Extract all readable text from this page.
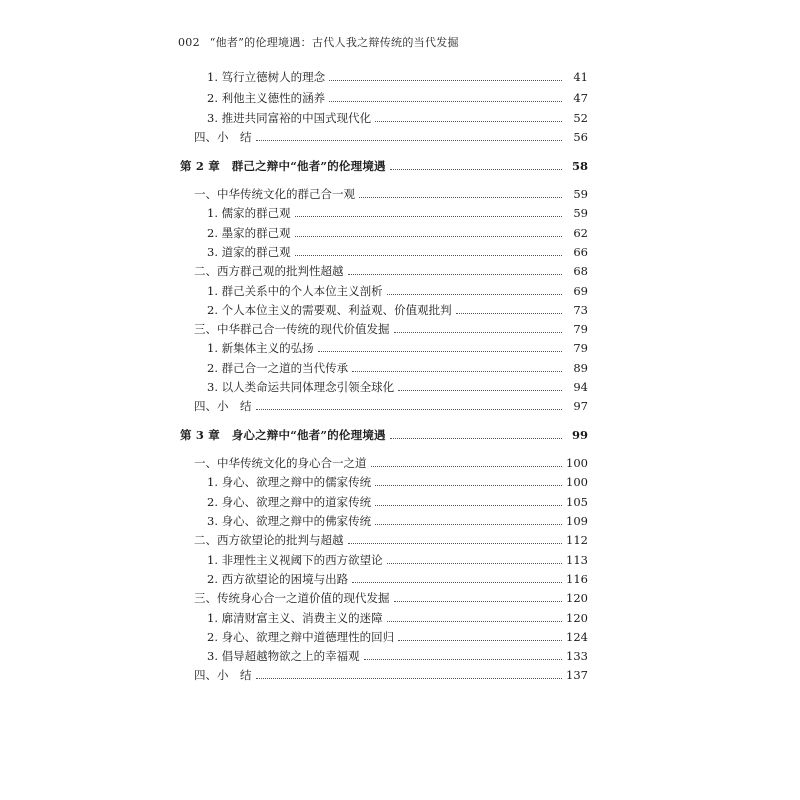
002 “他者”的伦理境遇：古代人我之辩传统的当代发掘
1. 笃行立德树人的理念	41
2. 利他主义德性的涵养	47
3. 推进共同富裕的中国式现代化	52
四、小　结	56
第 2 章　群己之辩中“他者”的伦理境遇	58
一、中华传统文化的群己合一观	59
1. 儒家的群己观	59
2. 墨家的群己观	62
3. 道家的群己观	66
二、西方群己观的批判性超越	68
1. 群己关系中的个人本位主义剖析	69
2. 个人本位主义的需要观、利益观、价值观批判	73
三、中华群己合一传统的现代价值发掘	79
1. 新集体主义的弘扬	79
2. 群己合一之道的当代传承	89
3. 以人类命运共同体理念引领全球化	94
四、小　结	97
第 3 章　身心之辩中“他者”的伦理境遇	99
一、中华传统文化的身心合一之道	100
1. 身心、欲理之辩中的儒家传统	100
2. 身心、欲理之辩中的道家传统	105
3. 身心、欲理之辩中的佛家传统	109
二、西方欲望论的批判与超越	112
1. 非理性主义视阈下的西方欲望论	113
2. 西方欲望论的困境与出路	116
三、传统身心合一之道价值的现代发掘	120
1. 廓清财富主义、消费主义的迷障	120
2. 身心、欲理之辩中道德理性的回归	124
3. 倡导超越物欲之上的幸福观	133
四、小　结	137
